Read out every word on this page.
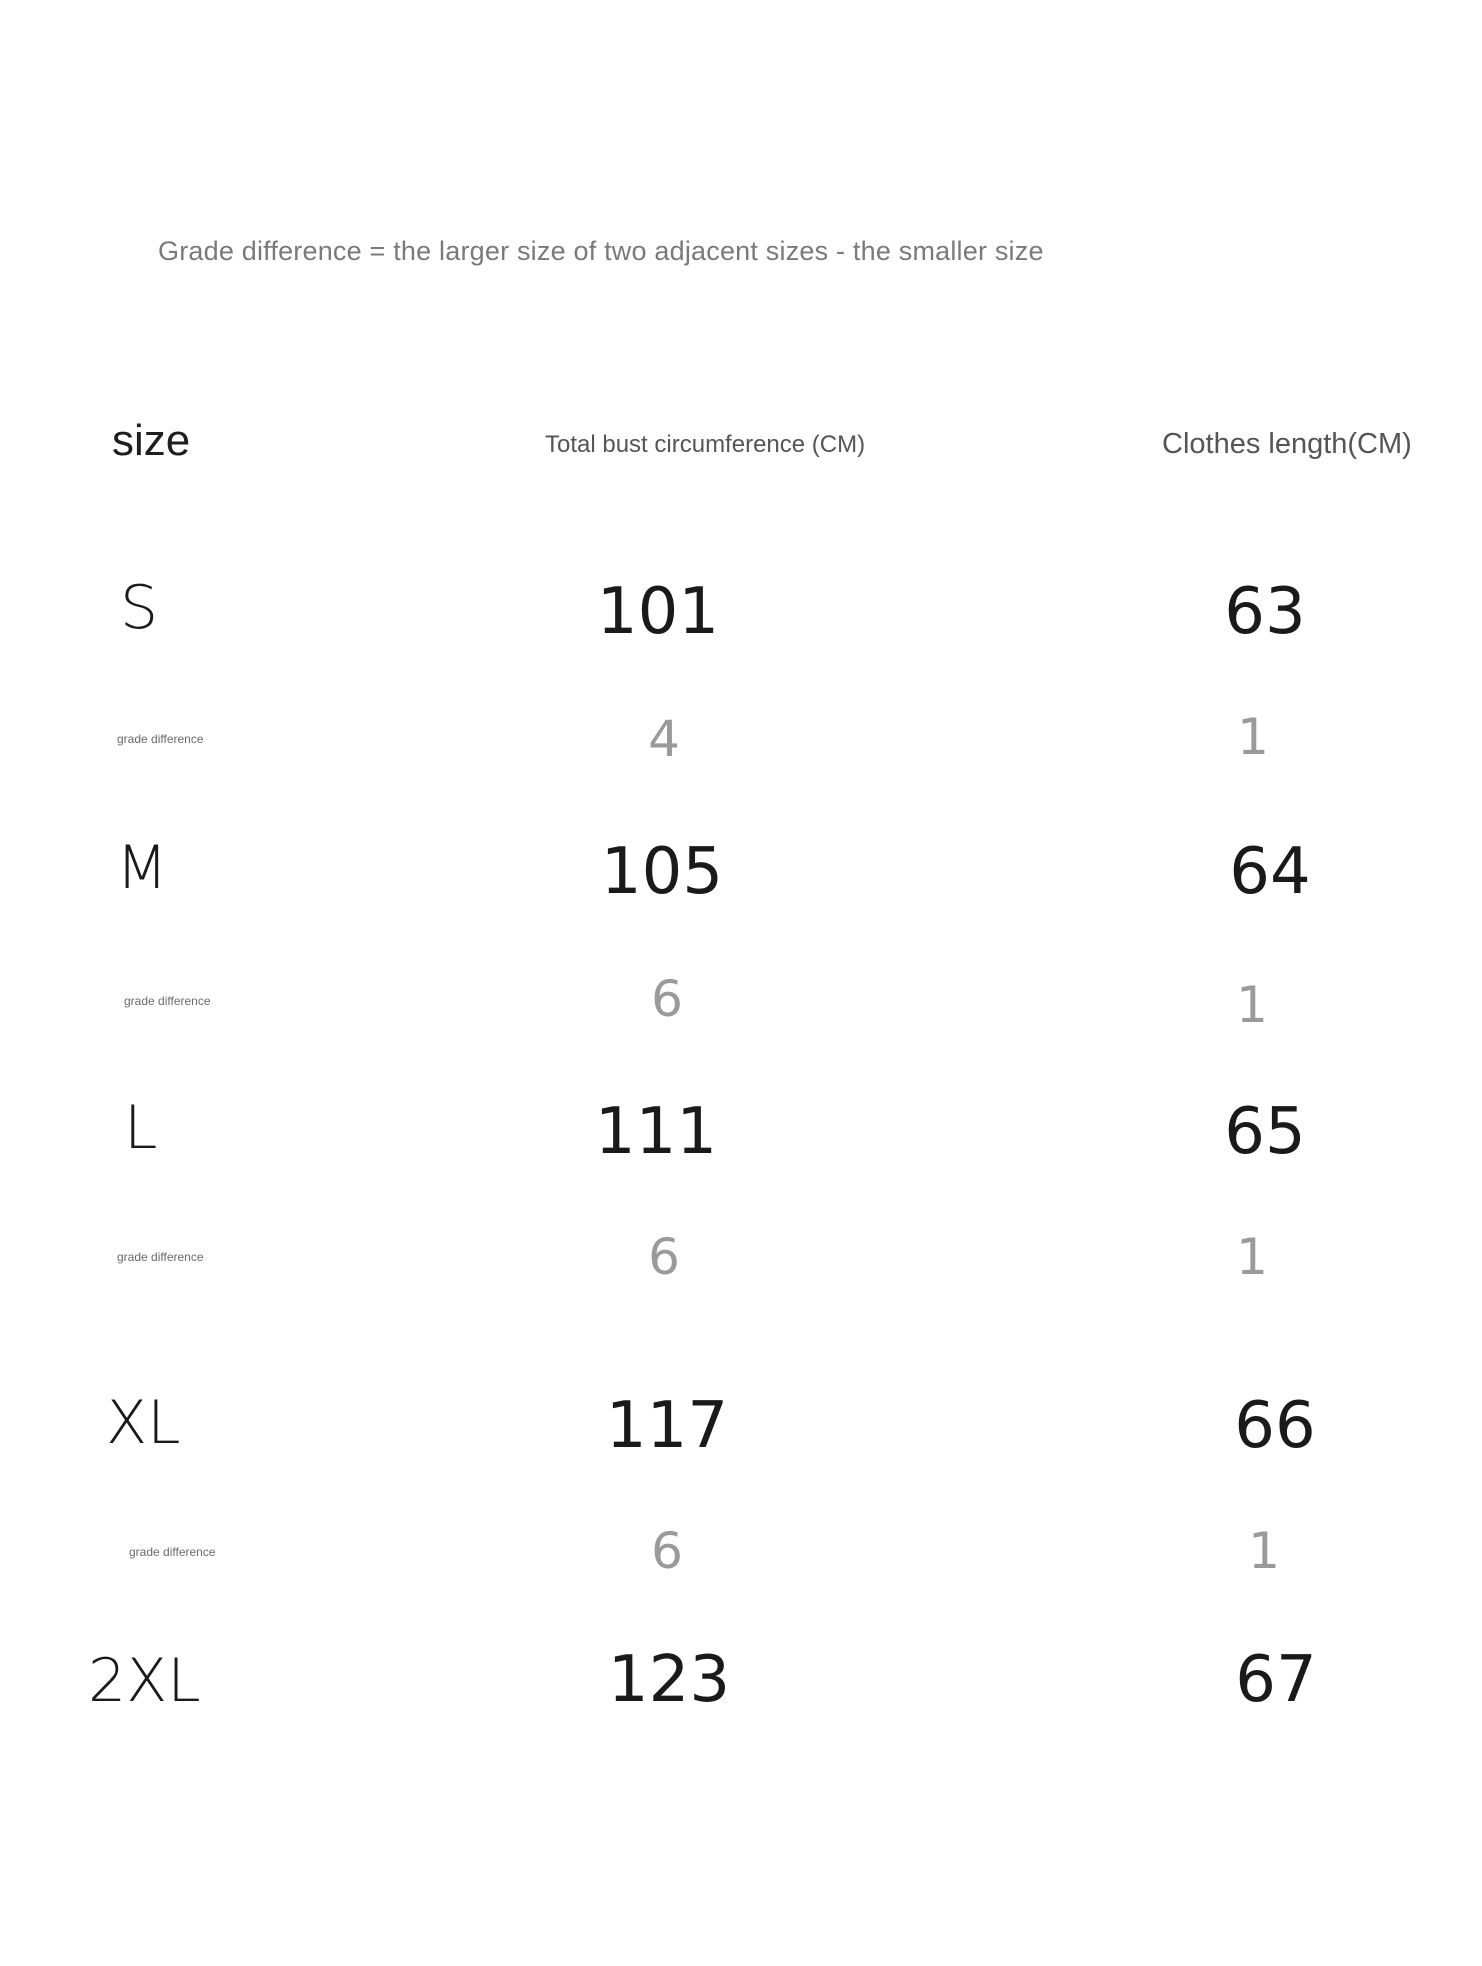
Grade difference = the larger size of two adjacent sizes - the smaller size
size	Total bust circumference (CM)	Clothes length(CM)
S	101	63
grade difference	4	1
M	105	64
grade difference	6	1
L	111	65
grade difference	6	1
XL	117	66
grade difference	6	1
2XL	123	67
